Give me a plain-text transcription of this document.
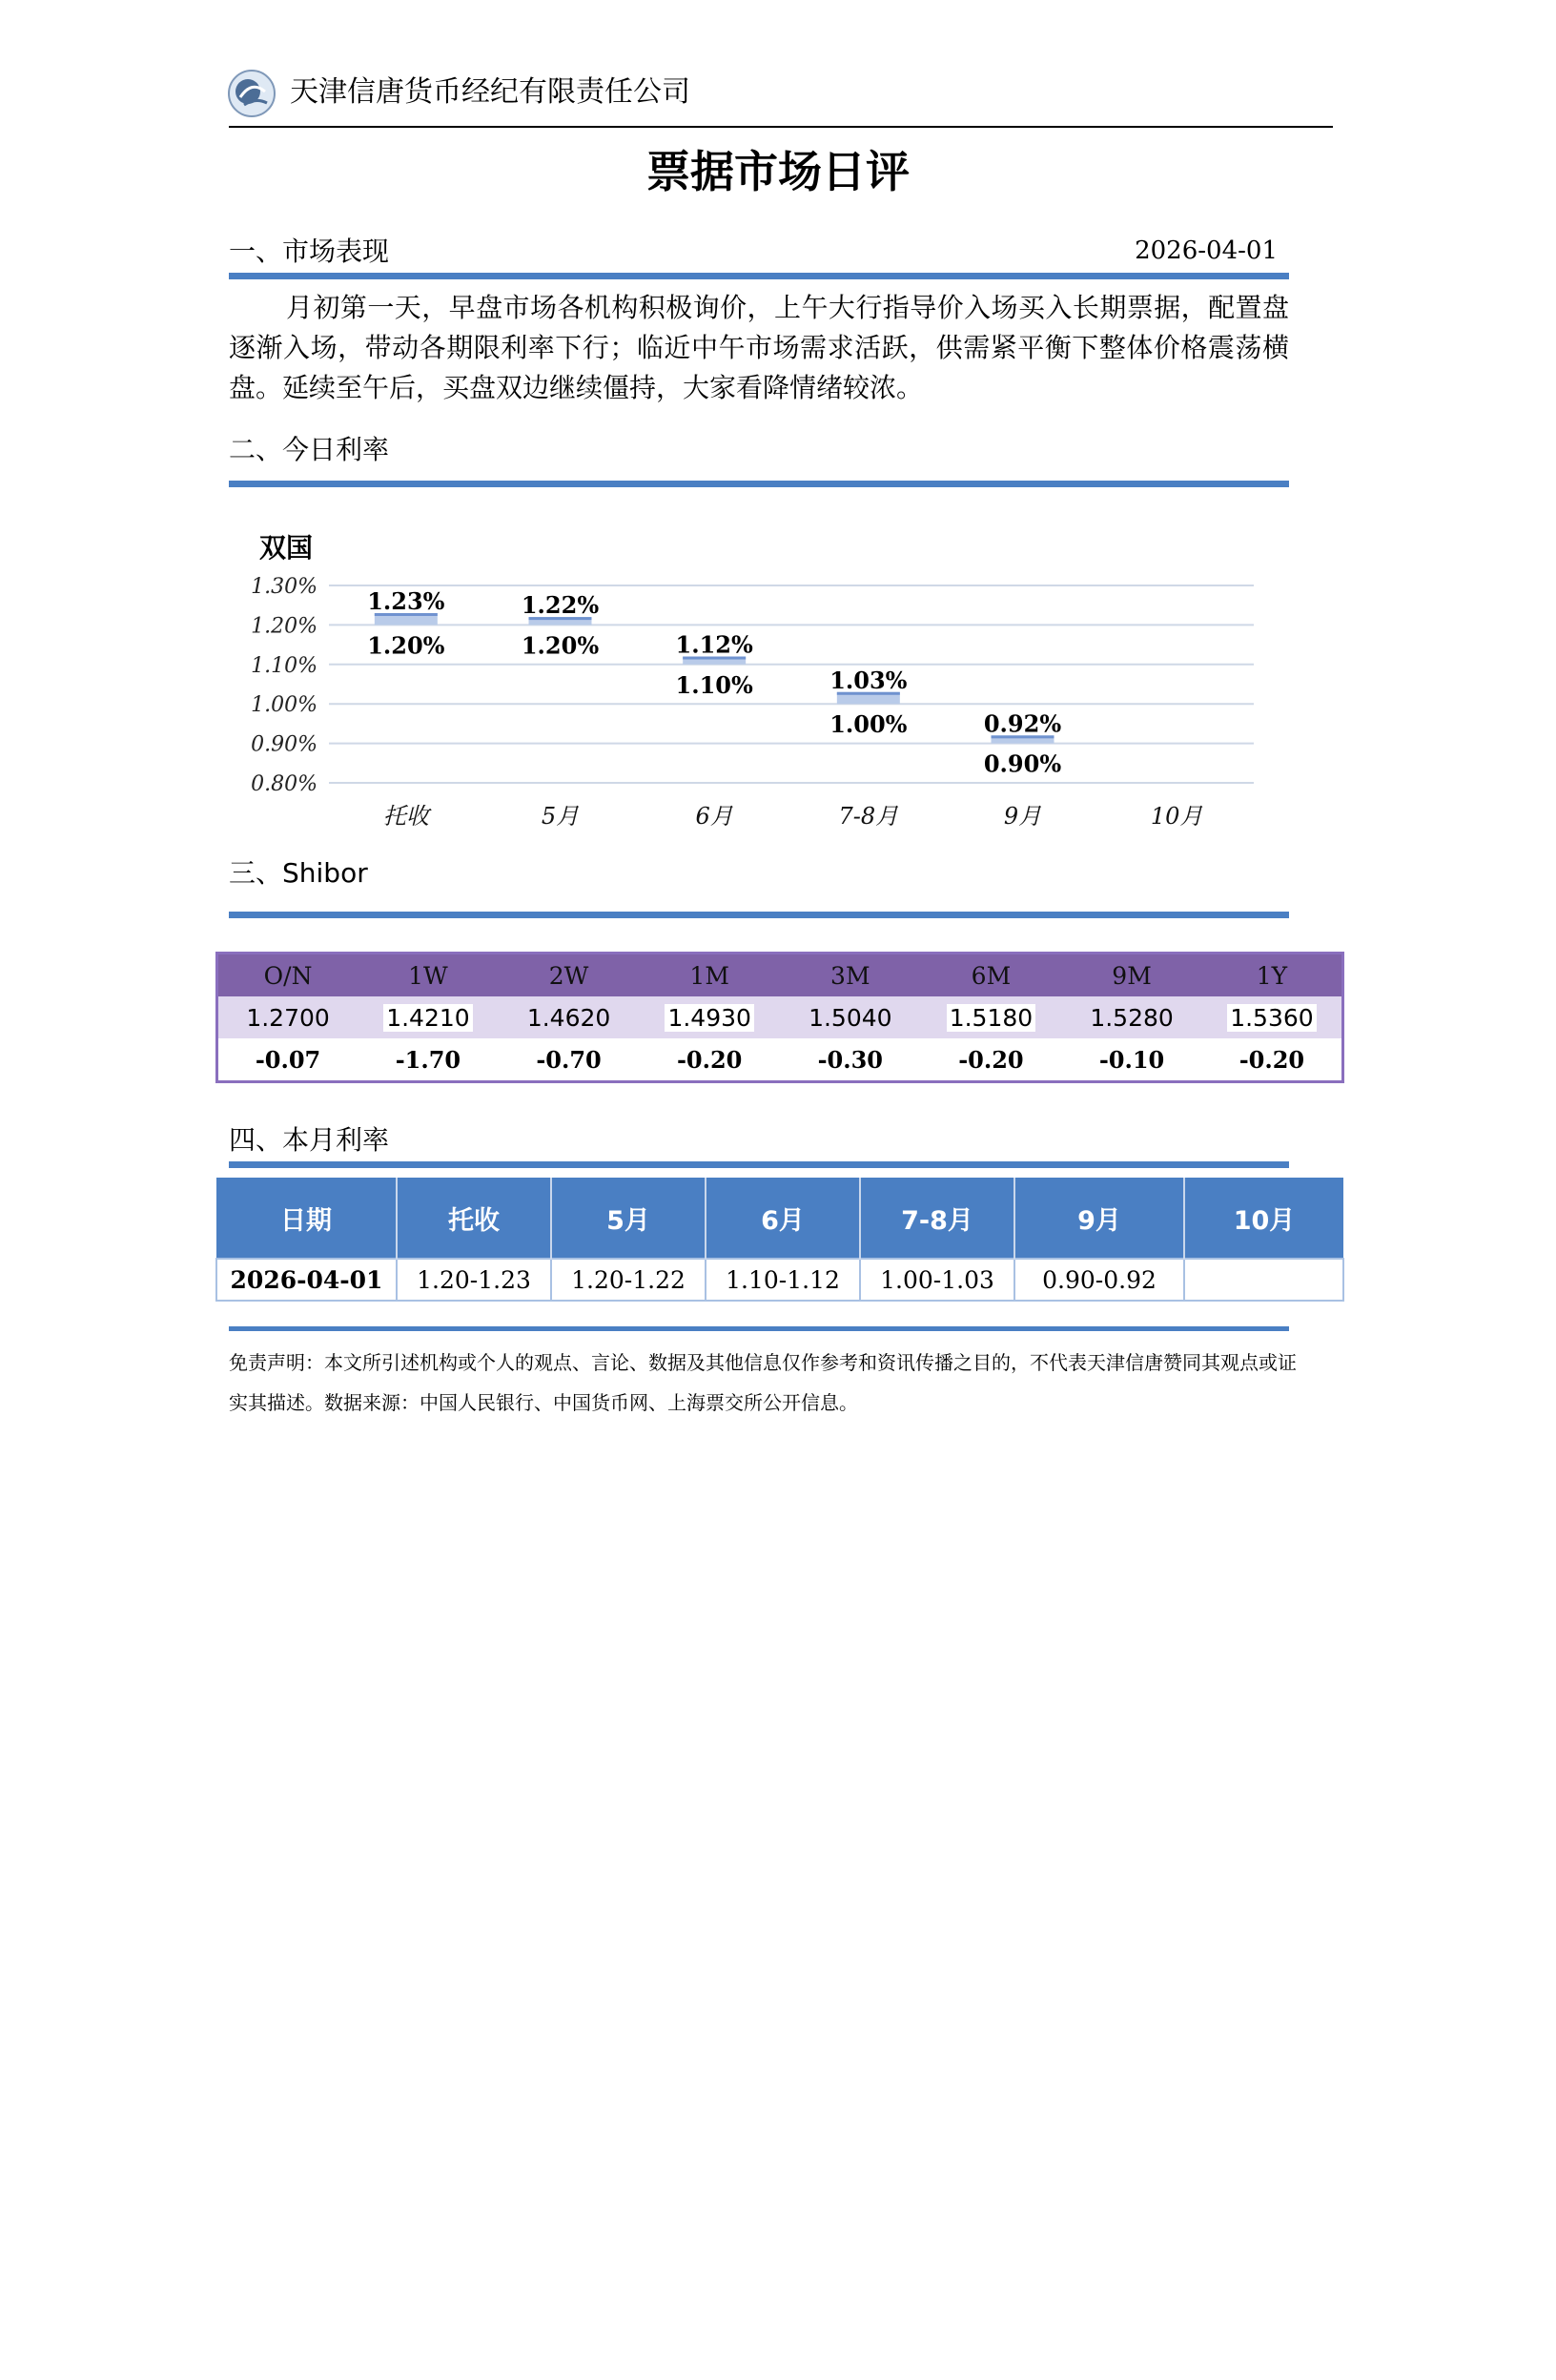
天津信唐货币经纪有限责任公司
票据市场日评
一、市场表现	2026-04-01

月初第一天，早盘市场各机构积极询价，上午大行指导价入场买入长期票据，配置盘逐渐入场，带动各期限利率下行；临近中午市场需求活跃，供需紧平衡下整体价格震荡横盘。延续至午后，买盘双边继续僵持，大家看降情绪较浓。

二、今日利率
双国
1.30%
1.20%
1.10%
1.00%
0.90%
0.80%
托收
1.23%
1.20%
5月
1.22%
1.20%
6月
1.12%
1.10%
7-8月
1.03%
1.00%
9月
0.92%
0.90%
10月
三、Shibor
O/N	1W	2W	1M	3M	6M	9M	1Y
1.2700	1.4210	1.4620	1.4930	1.5040	1.5180	1.5280	1.5360
-0.07	-1.70	-0.70	-0.20	-0.30	-0.20	-0.10	-0.20
四、本月利率
日期	托收	5月	6月	7-8月	9月	10月
2026-04-01	1.20-1.23	1.20-1.22	1.10-1.12	1.00-1.03	0.90-0.92	

免责声明：本文所引述机构或个人的观点、言论、数据及其他信息仅作参考和资讯传播之目的，不代表天津信唐赞同其观点或证实其描述。数据来源：中国人民银行、中国货币网、上海票交所公开信息。
